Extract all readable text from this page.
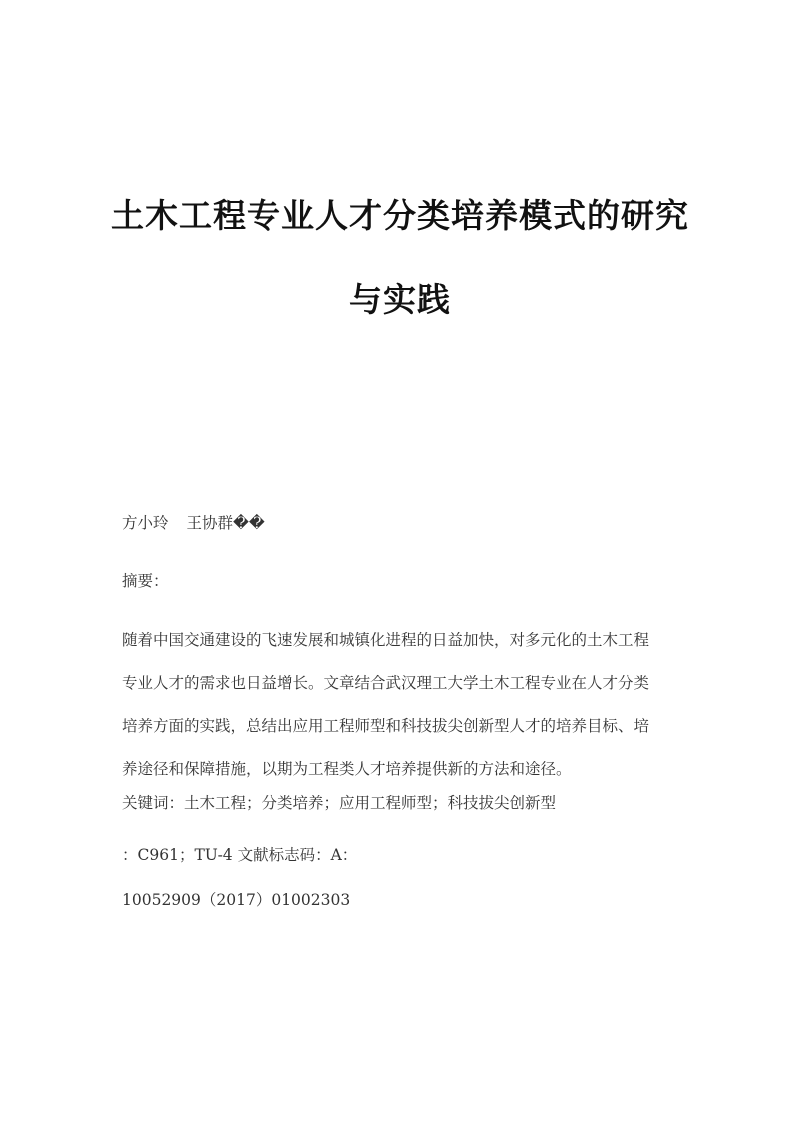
土木工程专业人才分类培养模式的研究
与实践
方小玲 王协群��
摘要：
随着中国交通建设的飞速发展和城镇化进程的日益加快，对多元化的土木工程
专业人才的需求也日益增长。文章结合武汉理工大学土木工程专业在人才分类
培养方面的实践，总结出应用工程师型和科技拔尖创新型人才的培养目标、培
养途径和保障措施，以期为工程类人才培养提供新的方法和途径。
关键词：土木工程；分类培养；应用工程师型；科技拔尖创新型
：C961；TU-4 文献标志码：A：
10052909（2017）01002303
